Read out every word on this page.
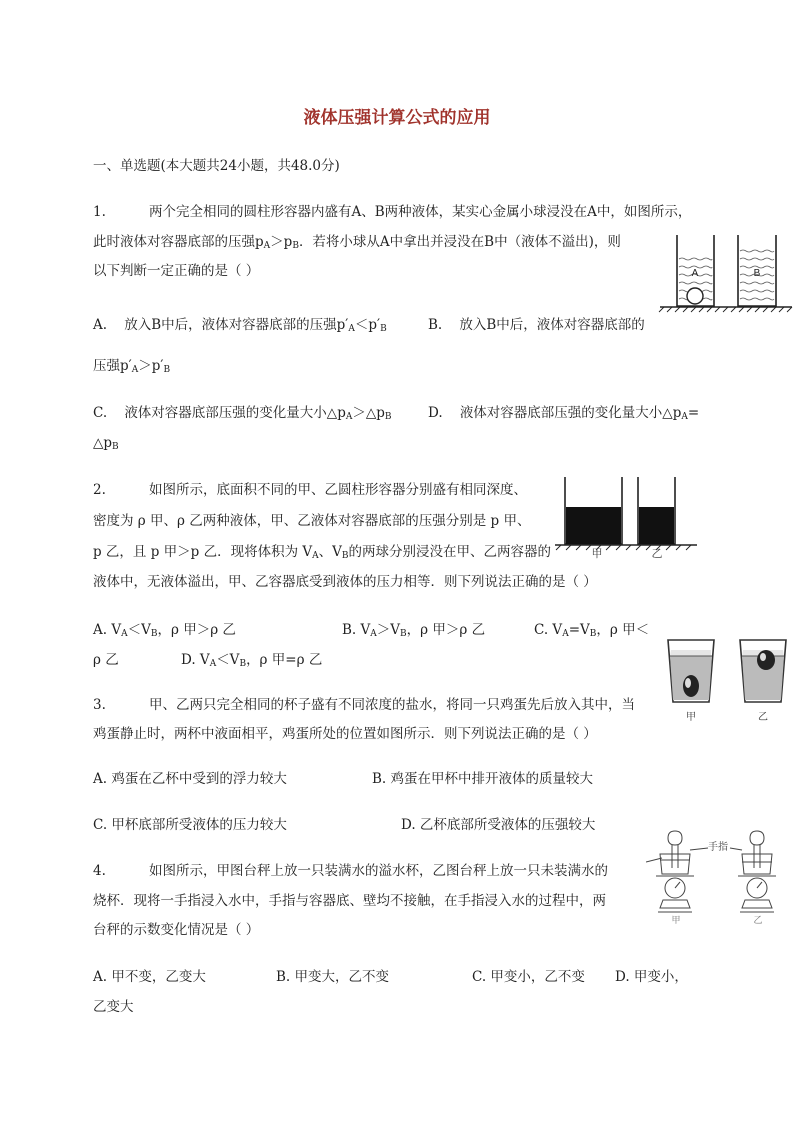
液体压强计算公式的应用
一、单选题(本大题共24小题，共48.0分)
1.	两个完全相同的圆柱形容器内盛有A、B两种液体，某实心金属小球浸没在A中，如图所示，
此时液体对容器底部的压强$p_A>p_B$．若将小球从A中拿出并浸没在B中（液体不溢出)，则
以下判断一定正确的是（ ）	A	B
A. 放入B中后，液体对容器底部的压强$p'_A<p'_B$	B. 放入B中后，液体对容器底部的
压强$p'_A>p'_B$
C. 液体对容器底部压强的变化量大小$\triangle p_A>\triangle p_B$	D. 液体对容器底部压强的变化量大小$\triangle p_A=$
$\triangle p_B$
2.	如图所示，底面积不同的甲、乙圆柱形容器分别盛有相同深度、
密度为 ρ 甲、ρ 乙两种液体，甲、乙液体对容器底部的压强分别是 p 甲、
p 乙，且 p 甲＞p 乙．现将体积为 $V_A$、$V_B$的两球分别浸没在甲、乙两容器的
液体中，无液体溢出，甲、乙容器底受到液体的压力相等．则下列说法正确的是（ ）
甲	乙
A. $V_A<V_B$，ρ 甲＞ρ 乙	B. $V_A>V_B$，ρ 甲＞ρ 乙	C. $V_A=V_B$，ρ 甲＜
ρ 乙	D. $V_A<V_B$，ρ 甲=ρ 乙
甲	乙
3.	甲、乙两只完全相同的杯子盛有不同浓度的盐水，将同一只鸡蛋先后放入其中，当
鸡蛋静止时，两杯中液面相平，鸡蛋所处的位置如图所示．则下列说法正确的是（ ）
A. 鸡蛋在乙杯中受到的浮力较大	B. 鸡蛋在甲杯中排开液体的质量较大
C. 甲杯底部所受液体的压力较大	D. 乙杯底部所受液体的压强较大
手指
甲	乙
4.	如图所示，甲图台秤上放一只装满水的溢水杯，乙图台秤上放一只未装满水的
烧杯．现将一手指浸入水中，手指与容器底、壁均不接触，在手指浸入水的过程中，两
台秤的示数变化情况是（ ）
A. 甲不变，乙变大	B. 甲变大，乙不变	C. 甲变小，乙不变 D. 甲变小，
乙变大
